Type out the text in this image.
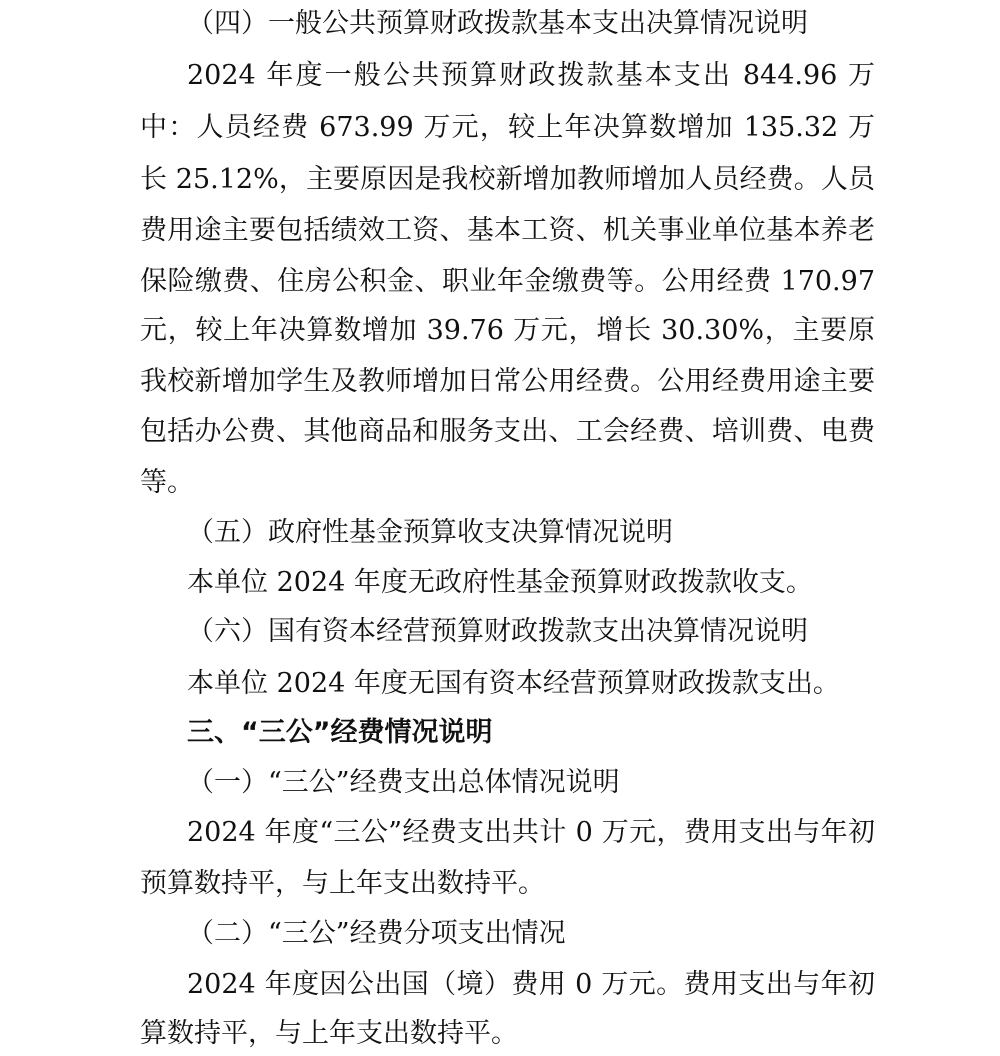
（四）一般公共预算财政拨款基本支出决算情况说明
2024 年度一般公共预算财政拨款基本支出 844.96 万
中：人员经费 673.99 万元，较上年决算数增加 135.32 万
长 25.12%，主要原因是我校新增加教师增加人员经费。人员
费用途主要包括绩效工资、基本工资、机关事业单位基本养老
保险缴费、住房公积金、职业年金缴费等。公用经费 170.97
元，较上年决算数增加 39.76 万元，增长 30.30%，主要原
我校新增加学生及教师增加日常公用经费。公用经费用途主要
包括办公费、其他商品和服务支出、工会经费、培训费、电费
等。
（五）政府性基金预算收支决算情况说明
本单位 2024 年度无政府性基金预算财政拨款收支。
（六）国有资本经营预算财政拨款支出决算情况说明
本单位 2024 年度无国有资本经营预算财政拨款支出。
三、“三公”经费情况说明
（一）“三公”经费支出总体情况说明
2024 年度“三公”经费支出共计 0 万元，费用支出与年初
预算数持平，与上年支出数持平。
（二）“三公”经费分项支出情况
2024 年度因公出国（境）费用 0 万元。费用支出与年初
算数持平，与上年支出数持平。
